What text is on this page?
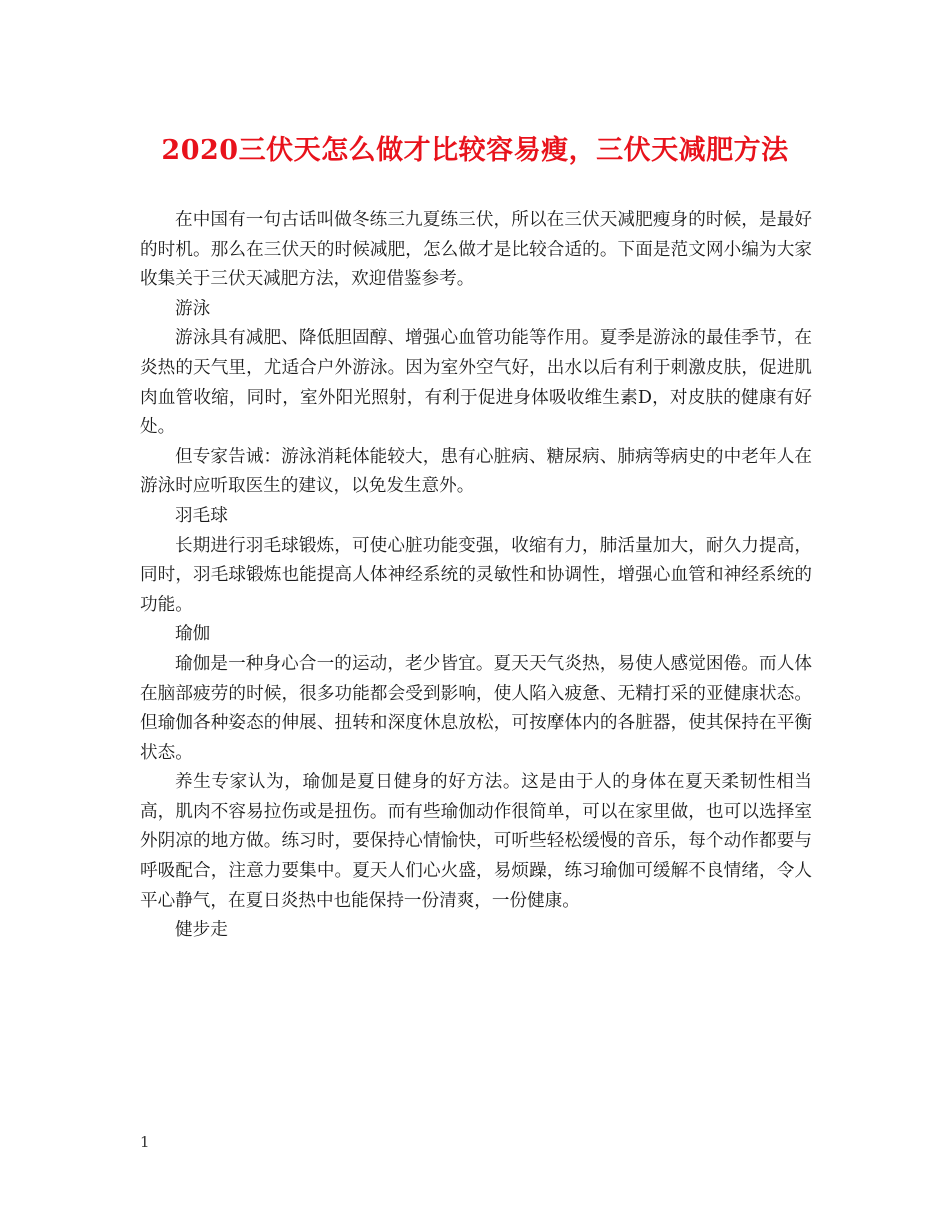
2020三伏天怎么做才比较容易瘦，三伏天减肥方法

在中国有一句古话叫做冬练三九夏练三伏，所以在三伏天减肥瘦身的时候，是最好的时机。那么在三伏天的时候减肥，怎么做才是比较合适的。下面是范文网小编为大家收集关于三伏天减肥方法，欢迎借鉴参考。

游泳

游泳具有减肥、降低胆固醇、增强心血管功能等作用。夏季是游泳的最佳季节，在炎热的天气里，尤适合户外游泳。因为室外空气好，出水以后有利于刺激皮肤，促进肌肉血管收缩，同时，室外阳光照射，有利于促进身体吸收维生素D，对皮肤的健康有好处。

但专家告诫：游泳消耗体能较大，患有心脏病、糖尿病、肺病等病史的中老年人在游泳时应听取医生的建议，以免发生意外。

羽毛球

长期进行羽毛球锻炼，可使心脏功能变强，收缩有力，肺活量加大，耐久力提高，同时，羽毛球锻炼也能提高人体神经系统的灵敏性和协调性，增强心血管和神经系统的功能。

瑜伽

瑜伽是一种身心合一的运动，老少皆宜。夏天天气炎热，易使人感觉困倦。而人体在脑部疲劳的时候，很多功能都会受到影响，使人陷入疲惫、无精打采的亚健康状态。但瑜伽各种姿态的伸展、扭转和深度休息放松，可按摩体内的各脏器，使其保持在平衡状态。

养生专家认为，瑜伽是夏日健身的好方法。这是由于人的身体在夏天柔韧性相当高，肌肉不容易拉伤或是扭伤。而有些瑜伽动作很简单，可以在家里做，也可以选择室外阴凉的地方做。练习时，要保持心情愉快，可听些轻松缓慢的音乐，每个动作都要与呼吸配合，注意力要集中。夏天人们心火盛，易烦躁，练习瑜伽可缓解不良情绪，令人平心静气，在夏日炎热中也能保持一份清爽，一份健康。

健步走

1
